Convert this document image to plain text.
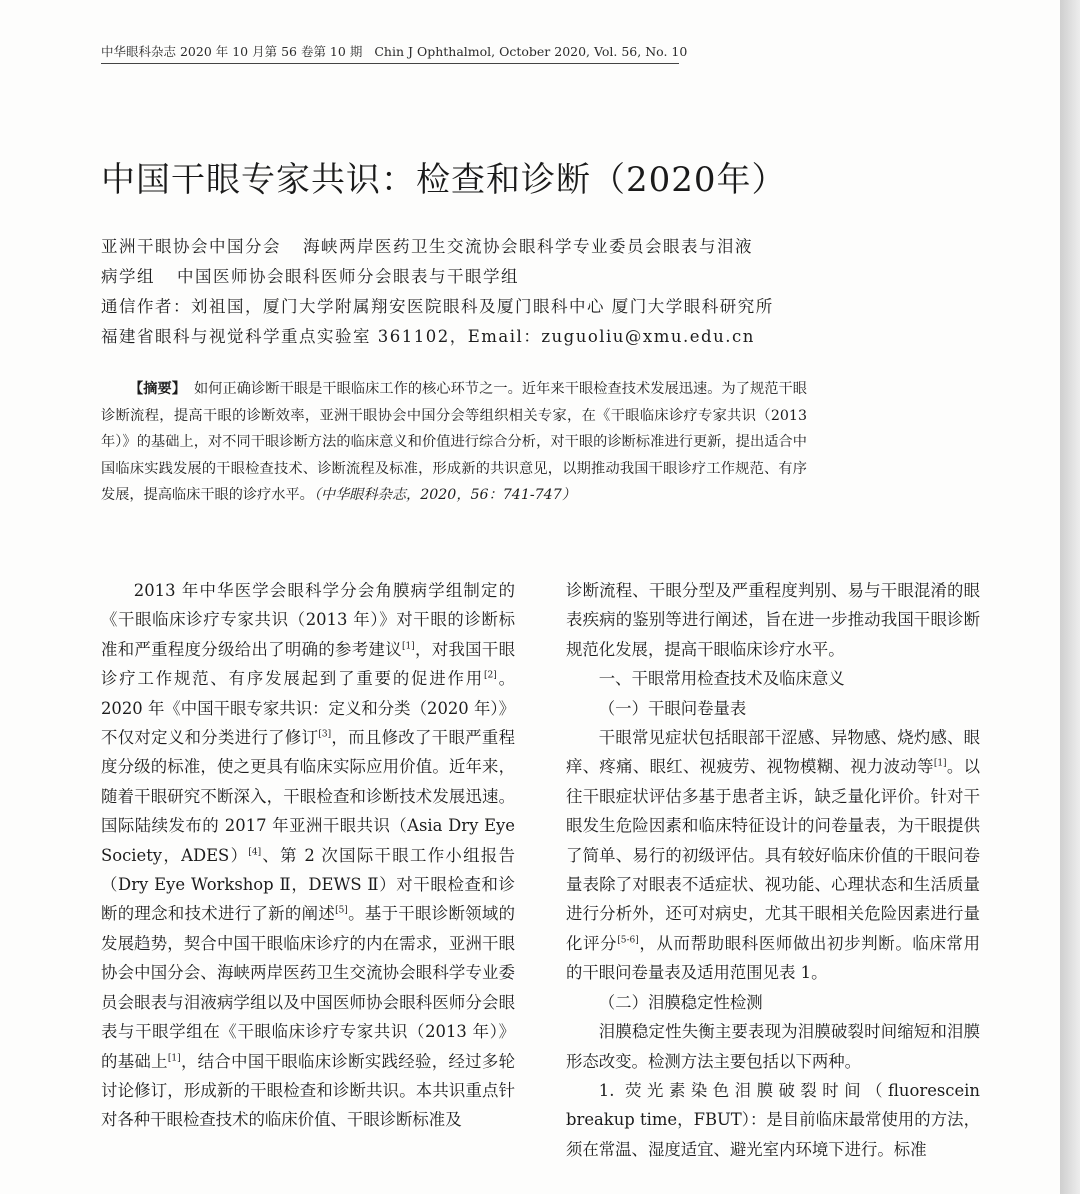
中华眼科杂志 2020 年 10 月第 56 卷第 10 期 Chin J Ophthalmol, October 2020, Vol. 56, No. 10
中国干眼专家共识：检查和诊断（2020年）
亚洲干眼协会中国分会 海峡两岸医药卫生交流协会眼科学专业委员会眼表与泪液
病学组 中国医师协会眼科医师分会眼表与干眼学组
通信作者：刘祖国，厦门大学附属翔安医院眼科及厦门眼科中心 厦门大学眼科研究所
福建省眼科与视觉科学重点实验室 361102，Email：zuguoliu@xmu.edu.cn
【摘要】 如何正确诊断干眼是干眼临床工作的核心环节之一。近年来干眼检查技术发展迅速。为了规范干眼诊断流程，提高干眼的诊断效率，亚洲干眼协会中国分会等组织相关专家，在《干眼临床诊疗专家共识（2013年）》的基础上，对不同干眼诊断方法的临床意义和价值进行综合分析，对干眼的诊断标准进行更新，提出适合中国临床实践发展的干眼检查技术、诊断流程及标准，形成新的共识意见，以期推动我国干眼诊疗工作规范、有序发展，提高临床干眼的诊疗水平。（中华眼科杂志，2020，56：741-747）

2013 年中华医学会眼科学分会角膜病学组制定的《干眼临床诊疗专家共识（2013 年）》对干眼的诊断标准和严重程度分级给出了明确的参考建议[1]，对我国干眼诊疗工作规范、有序发展起到了重要的促进作用[2]。2020 年《中国干眼专家共识：定义和分类（2020 年）》不仅对定义和分类进行了修订[3]，而且修改了干眼严重程度分级的标准，使之更具有临床实际应用价值。近年来，随着干眼研究不断深入，干眼检查和诊断技术发展迅速。国际陆续发布的 2017 年亚洲干眼共识（Asia Dry Eye Society，ADES）[4]、第 2 次国际干眼工作小组报告（Dry Eye Workshop Ⅱ，DEWS Ⅱ）对干眼检查和诊断的理念和技术进行了新的阐述[5]。基于干眼诊断领域的发展趋势，契合中国干眼临床诊疗的内在需求，亚洲干眼协会中国分会、海峡两岸医药卫生交流协会眼科学专业委员会眼表与泪液病学组以及中国医师协会眼科医师分会眼表与干眼学组在《干眼临床诊疗专家共识（2013 年）》的基础上[1]，结合中国干眼临床诊断实践经验，经过多轮讨论修订，形成新的干眼检查和诊断共识。本共识重点针对各种干眼检查技术的临床价值、干眼诊断标准及

诊断流程、干眼分型及严重程度判别、易与干眼混淆的眼表疾病的鉴别等进行阐述，旨在进一步推动我国干眼诊断规范化发展，提高干眼临床诊疗水平。

一、干眼常用检查技术及临床意义

（一）干眼问卷量表

干眼常见症状包括眼部干涩感、异物感、烧灼感、眼痒、疼痛、眼红、视疲劳、视物模糊、视力波动等[1]。以往干眼症状评估多基于患者主诉，缺乏量化评价。针对干眼发生危险因素和临床特征设计的问卷量表，为干眼提供了简单、易行的初级评估。具有较好临床价值的干眼问卷量表除了对眼表不适症状、视功能、心理状态和生活质量进行分析外，还可对病史，尤其干眼相关危险因素进行量化评分[5-6]，从而帮助眼科医师做出初步判断。临床常用的干眼问卷量表及适用范围见表 1。

（二）泪膜稳定性检测

泪膜稳定性失衡主要表现为泪膜破裂时间缩短和泪膜形态改变。检测方法主要包括以下两种。

1. 荧光素染色泪膜破裂时间（fluorescein breakup time，FBUT）：是目前临床最常使用的方法，须在常温、湿度适宜、避光室内环境下进行。标准
